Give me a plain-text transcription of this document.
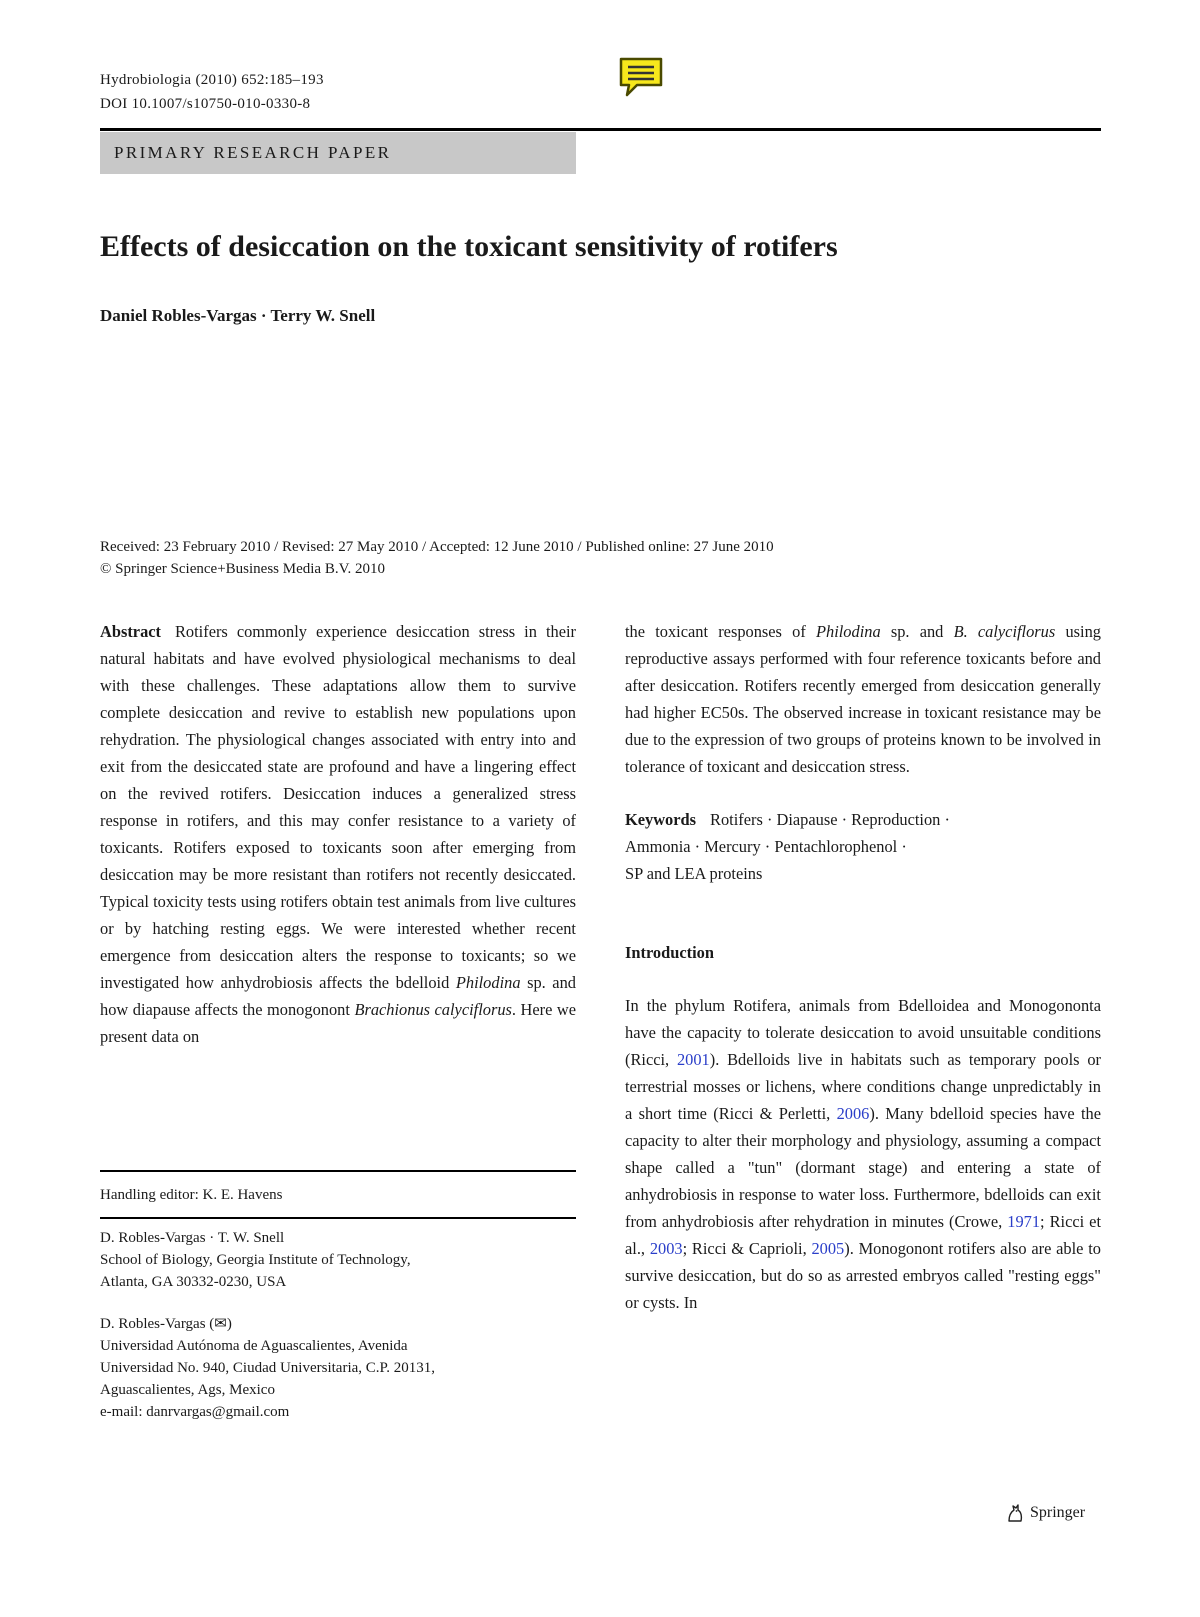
Hydrobiologia (2010) 652:185–193
DOI 10.1007/s10750-010-0330-8
PRIMARY RESEARCH PAPER
Effects of desiccation on the toxicant sensitivity of rotifers
Daniel Robles-Vargas · Terry W. Snell
Received: 23 February 2010 / Revised: 27 May 2010 / Accepted: 12 June 2010 / Published online: 27 June 2010
© Springer Science+Business Media B.V. 2010

Abstract Rotifers commonly experience desiccation stress in their natural habitats and have evolved physiological mechanisms to deal with these challenges. These adaptations allow them to survive complete desiccation and revive to establish new populations upon rehydration. The physiological changes associated with entry into and exit from the desiccated state are profound and have a lingering effect on the revived rotifers. Desiccation induces a generalized stress response in rotifers, and this may confer resistance to a variety of toxicants. Rotifers exposed to toxicants soon after emerging from desiccation may be more resistant than rotifers not recently desiccated. Typical toxicity tests using rotifers obtain test animals from live cultures or by hatching resting eggs. We were interested whether recent emergence from desiccation alters the response to toxicants; so we investigated how anhydrobiosis affects the bdelloid Philodina sp. and how diapause affects the monogonont Brachionus calyciflorus. Here we present data on

Handling editor: K. E. Havens
D. Robles-Vargas · T. W. Snell
School of Biology, Georgia Institute of Technology,
Atlanta, GA 30332-0230, USA
D. Robles-Vargas (✉)
Universidad Autónoma de Aguascalientes, Avenida
Universidad No. 940, Ciudad Universitaria, C.P. 20131,
Aguascalientes, Ags, Mexico
e-mail: danrvargas@gmail.com

the toxicant responses of Philodina sp. and B. calyciflorus using reproductive assays performed with four reference toxicants before and after desiccation. Rotifers recently emerged from desiccation generally had higher EC50s. The observed increase in toxicant resistance may be due to the expression of two groups of proteins known to be involved in tolerance of toxicant and desiccation stress.

Keywords Rotifers · Diapause · Reproduction ·
Ammonia · Mercury · Pentachlorophenol ·
SP and LEA proteins

Introduction

In the phylum Rotifera, animals from Bdelloidea and Monogononta have the capacity to tolerate desiccation to avoid unsuitable conditions (Ricci, 2001). Bdelloids live in habitats such as temporary pools or terrestrial mosses or lichens, where conditions change unpredictably in a short time (Ricci & Perletti, 2006). Many bdelloid species have the capacity to alter their morphology and physiology, assuming a compact shape called a "tun" (dormant stage) and entering a state of anhydrobiosis in response to water loss. Furthermore, bdelloids can exit from anhydrobiosis after rehydration in minutes (Crowe, 1971; Ricci et al., 2003; Ricci & Caprioli, 2005). Monogonont rotifers also are able to survive desiccation, but do so as arrested embryos called "resting eggs" or cysts. In

Springer
